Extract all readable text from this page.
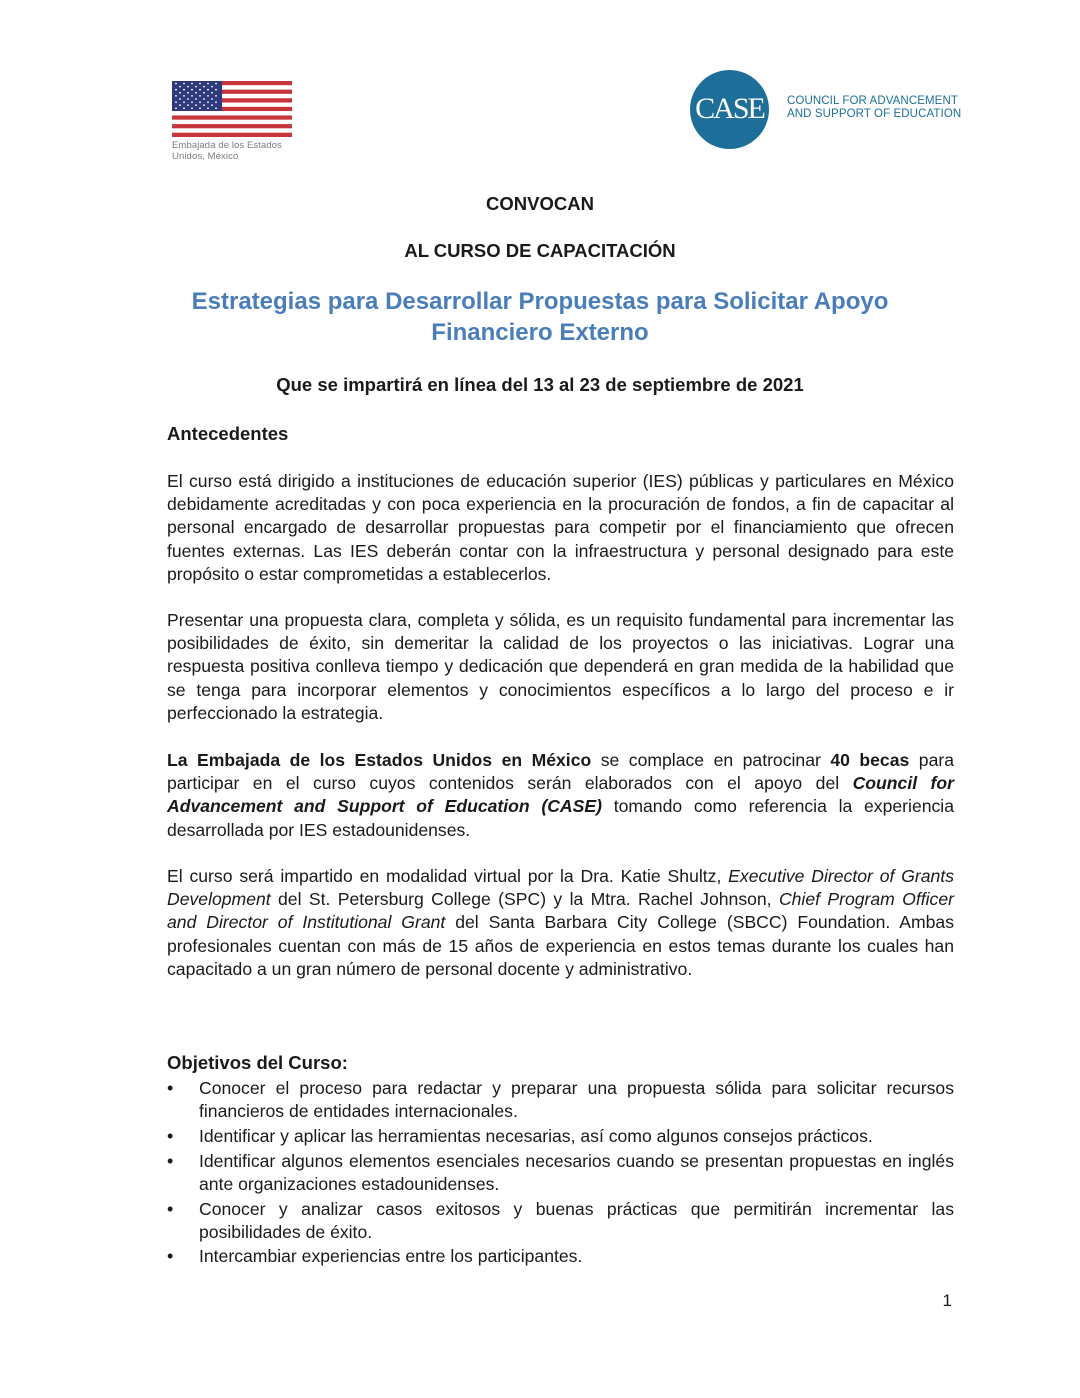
Embajada de los Estados
Unidos, México
CASE	COUNCIL FOR ADVANCEMENT
AND SUPPORT OF EDUCATION
CONVOCAN
AL CURSO DE CAPACITACIÓN
Estrategias para Desarrollar Propuestas para Solicitar Apoyo
Financiero Externo
Que se impartirá en línea del 13 al 23 de septiembre de 2021
Antecedentes

El curso está dirigido a instituciones de educación superior (IES) públicas y particulares en México debidamente acreditadas y con poca experiencia en la procuración de fondos, a fin de capacitar al personal encargado de desarrollar propuestas para competir por el financiamiento que ofrecen fuentes externas. Las IES deberán contar con la infraestructura y personal designado para este propósito o estar comprometidas a establecerlos.

Presentar una propuesta clara, completa y sólida, es un requisito fundamental para incrementar las posibilidades de éxito, sin demeritar la calidad de los proyectos o las iniciativas. Lograr una respuesta positiva conlleva tiempo y dedicación que dependerá en gran medida de la habilidad que se tenga para incorporar elementos y conocimientos específicos a lo largo del proceso e ir perfeccionado la estrategia.

La Embajada de los Estados Unidos en México se complace en patrocinar 40 becas para participar en el curso cuyos contenidos serán elaborados con el apoyo del Council for Advancement and Support of Education (CASE) tomando como referencia la experiencia desarrollada por IES estadounidenses.

El curso será impartido en modalidad virtual por la Dra. Katie Shultz, Executive Director of Grants Development del St. Petersburg College (SPC) y la Mtra. Rachel Johnson, Chief Program Officer and Director of Institutional Grant del Santa Barbara City College (SBCC) Foundation. Ambas profesionales cuentan con más de 15 años de experiencia en estos temas durante los cuales han capacitado a un gran número de personal docente y administrativo.

Objetivos del Curso:
• Conocer el proceso para redactar y preparar una propuesta sólida para solicitar recursos financieros de entidades internacionales.
• Identificar y aplicar las herramientas necesarias, así como algunos consejos prácticos.
• Identificar algunos elementos esenciales necesarios cuando se presentan propuestas en inglés ante organizaciones estadounidenses.
• Conocer y analizar casos exitosos y buenas prácticas que permitirán incrementar las posibilidades de éxito.
• Intercambiar experiencias entre los participantes.
1
